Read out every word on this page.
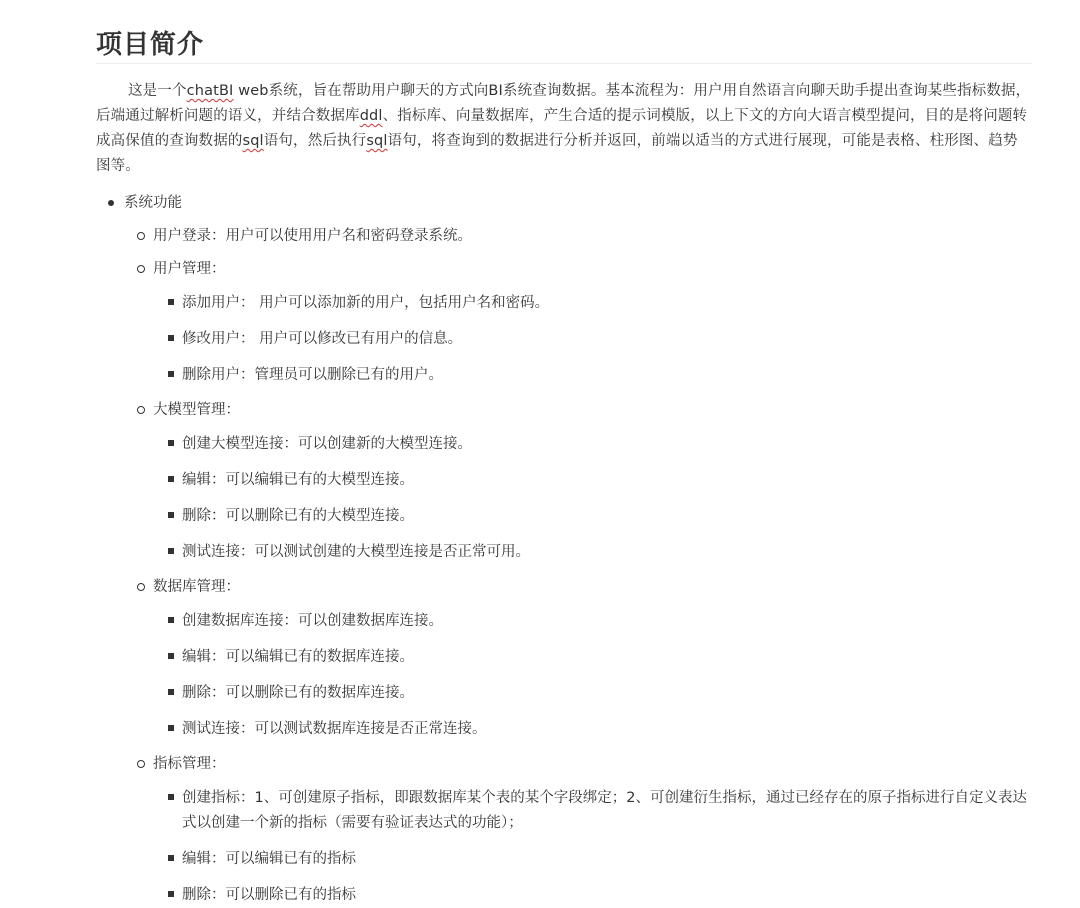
项目简介

这是一个chatBI web系统，旨在帮助用户聊天的方式向BI系统查询数据。基本流程为：用户用自然语言向聊天助手提出查询某些指标数据，后端通过解析问题的语义，并结合数据库ddl、指标库、向量数据库，产生合适的提示词模版，以上下文的方向大语言模型提问，目的是将问题转成高保值的查询数据的sql语句，然后执行sql语句，将查询到的数据进行分析并返回，前端以适当的方式进行展现，可能是表格、柱形图、趋势图等。

系统功能
用户登录：用户可以使用用户名和密码登录系统。
用户管理：
添加用户： 用户可以添加新的用户，包括用户名和密码。
修改用户： 用户可以修改已有用户的信息。
删除用户：管理员可以删除已有的用户。
大模型管理：
创建大模型连接：可以创建新的大模型连接。
编辑：可以编辑已有的大模型连接。
删除：可以删除已有的大模型连接。
测试连接：可以测试创建的大模型连接是否正常可用。
数据库管理：
创建数据库连接：可以创建数据库连接。
编辑：可以编辑已有的数据库连接。
删除：可以删除已有的数据库连接。
测试连接：可以测试数据库连接是否正常连接。
指标管理：
创建指标：1、可创建原子指标，即跟数据库某个表的某个字段绑定；2、可创建衍生指标，通过已经存在的原子指标进行自定义表达式以创建一个新的指标（需要有验证表达式的功能）；
编辑：可以编辑已有的指标
删除：可以删除已有的指标
